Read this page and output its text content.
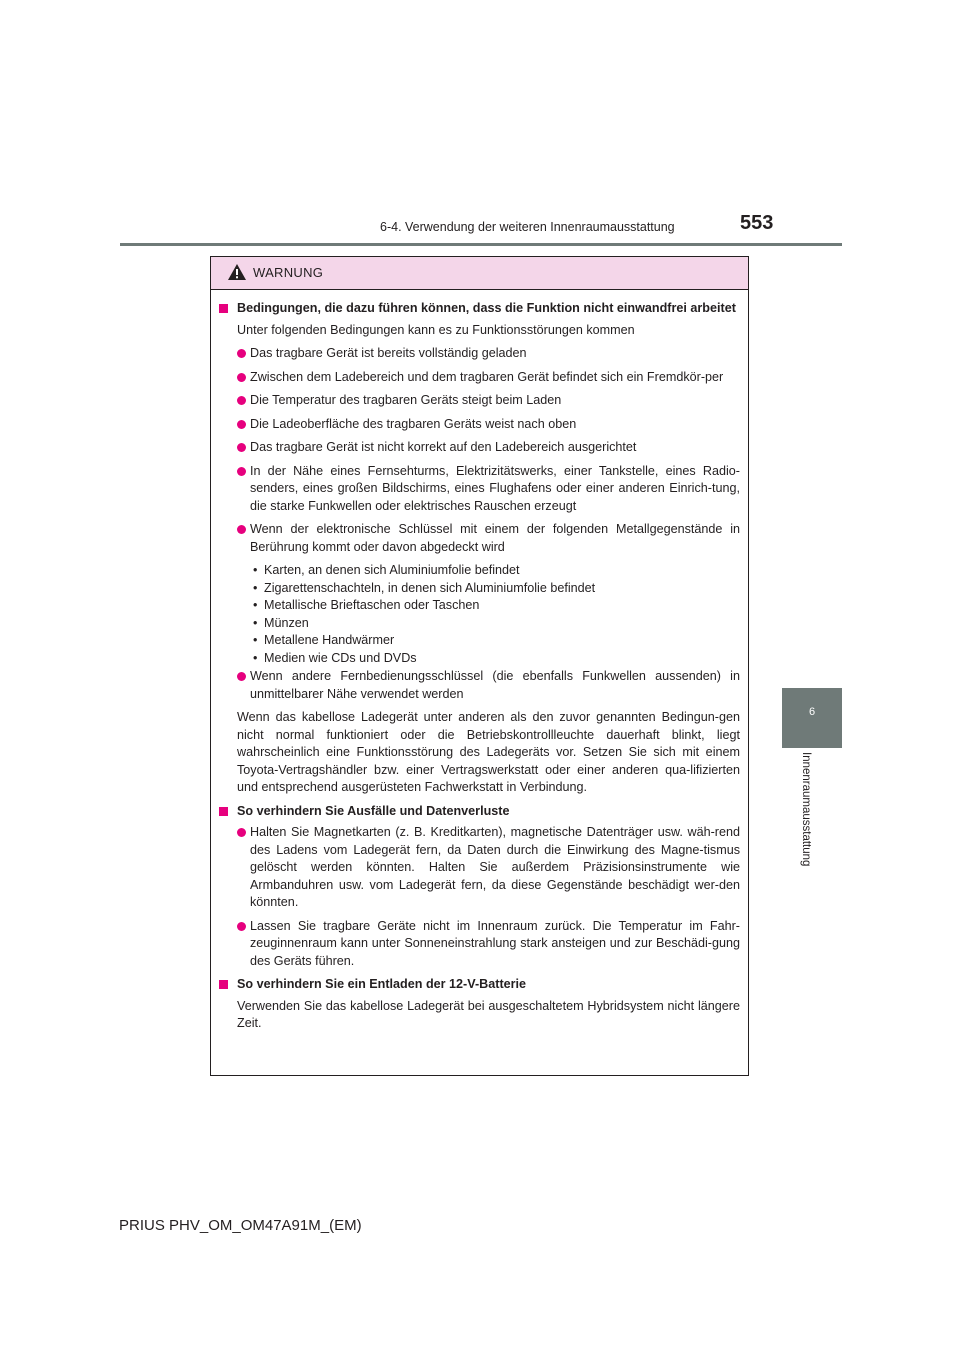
6-4. Verwendung der weiteren Innenraumausstattung	553
6
Innenraumausstattung
WARNUNG
Bedingungen, die dazu führen können, dass die Funktion nicht einwandfrei arbeitet
Unter folgenden Bedingungen kann es zu Funktionsstörungen kommen
Das tragbare Gerät ist bereits vollständig geladen
Zwischen dem Ladebereich und dem tragbaren Gerät befindet sich ein Fremdkör-per
Die Temperatur des tragbaren Geräts steigt beim Laden
Die Ladeoberfläche des tragbaren Geräts weist nach oben
Das tragbare Gerät ist nicht korrekt auf den Ladebereich ausgerichtet
In der Nähe eines Fernsehturms, Elektrizitätswerks, einer Tankstelle, eines Radio-senders, eines großen Bildschirms, eines Flughafens oder einer anderen Einrich-tung, die starke Funkwellen oder elektrisches Rauschen erzeugt
Wenn der elektronische Schlüssel mit einem der folgenden Metallgegenstände in Berührung kommt oder davon abgedeckt wird
• Karten, an denen sich Aluminiumfolie befindet
• Zigarettenschachteln, in denen sich Aluminiumfolie befindet
• Metallische Brieftaschen oder Taschen
• Münzen
• Metallene Handwärmer
• Medien wie CDs und DVDs
Wenn andere Fernbedienungsschlüssel (die ebenfalls Funkwellen aussenden) in unmittelbarer Nähe verwendet werden
Wenn das kabellose Ladegerät unter anderen als den zuvor genannten Bedingun-gen nicht normal funktioniert oder die Betriebskontrollleuchte dauerhaft blinkt, liegt wahrscheinlich eine Funktionsstörung des Ladegeräts vor. Setzen Sie sich mit einem Toyota-Vertragshändler bzw. einer Vertragswerkstatt oder einer anderen qua-lifizierten und entsprechend ausgerüsteten Fachwerkstatt in Verbindung.
So verhindern Sie Ausfälle und Datenverluste
Halten Sie Magnetkarten (z. B. Kreditkarten), magnetische Datenträger usw. wäh-rend des Ladens vom Ladegerät fern, da Daten durch die Einwirkung des Magne-tismus gelöscht werden könnten. Halten Sie außerdem Präzisionsinstrumente wie Armbanduhren usw. vom Ladegerät fern, da diese Gegenstände beschädigt wer-den könnten.
Lassen Sie tragbare Geräte nicht im Innenraum zurück. Die Temperatur im Fahr-zeuginnenraum kann unter Sonneneinstrahlung stark ansteigen und zur Beschädi-gung des Geräts führen.
So verhindern Sie ein Entladen der 12-V-Batterie
Verwenden Sie das kabellose Ladegerät bei ausgeschaltetem Hybridsystem nicht längere Zeit.
PRIUS PHV_OM_OM47A91M_(EM)
